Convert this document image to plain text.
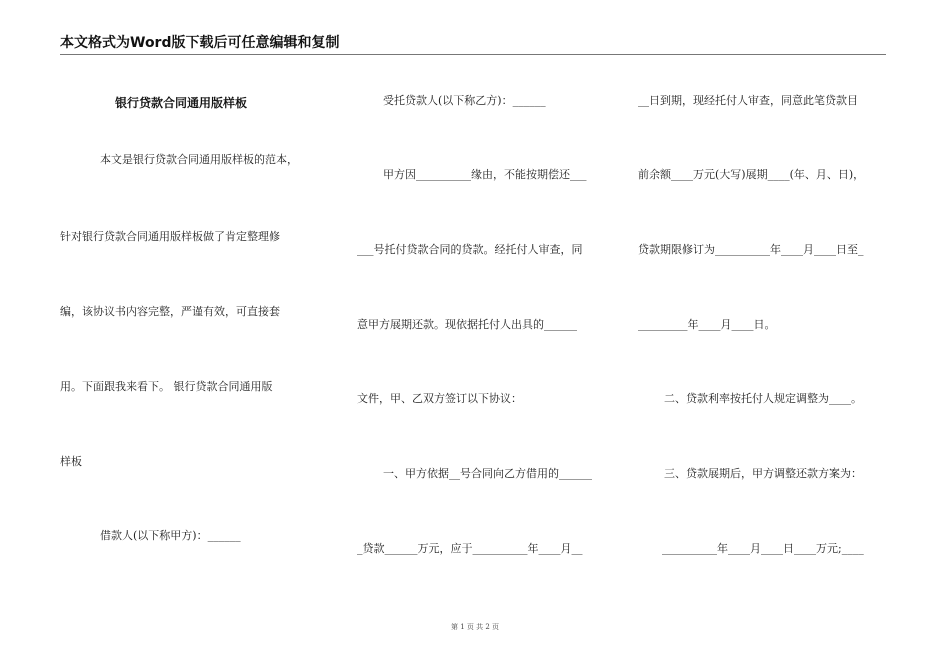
本文格式为Word版下载后可任意编辑和复制
银行贷款合同通用版样板
本文是银行贷款合同通用版样板的范本，
针对银行贷款合同通用版样板做了肯定整理修
编，该协议书内容完整，严谨有效，可直接套
用。下面跟我来看下。 银行贷款合同通用版
样板
借款人(以下称甲方)：______
受托贷款人(以下称乙方)：______
甲方因__________缘由，不能按期偿还___
___号托付贷款合同的贷款。经托付人审查，同
意甲方展期还款。现依据托付人出具的______
文件，甲、乙双方签订以下协议：
一、甲方依据__号合同向乙方借用的______
_贷款______万元，应于__________年____月__
__日到期，现经托付人审查，同意此笔贷款目
前余额____万元(大写)展期____(年、月、日)，
贷款期限修订为__________年____月____日至_
_________年____月____日。
二、贷款利率按托付人规定调整为____。
三、贷款展期后，甲方调整还款方案为：
__________年____月____日____万元;____
第 1 页 共 2 页
